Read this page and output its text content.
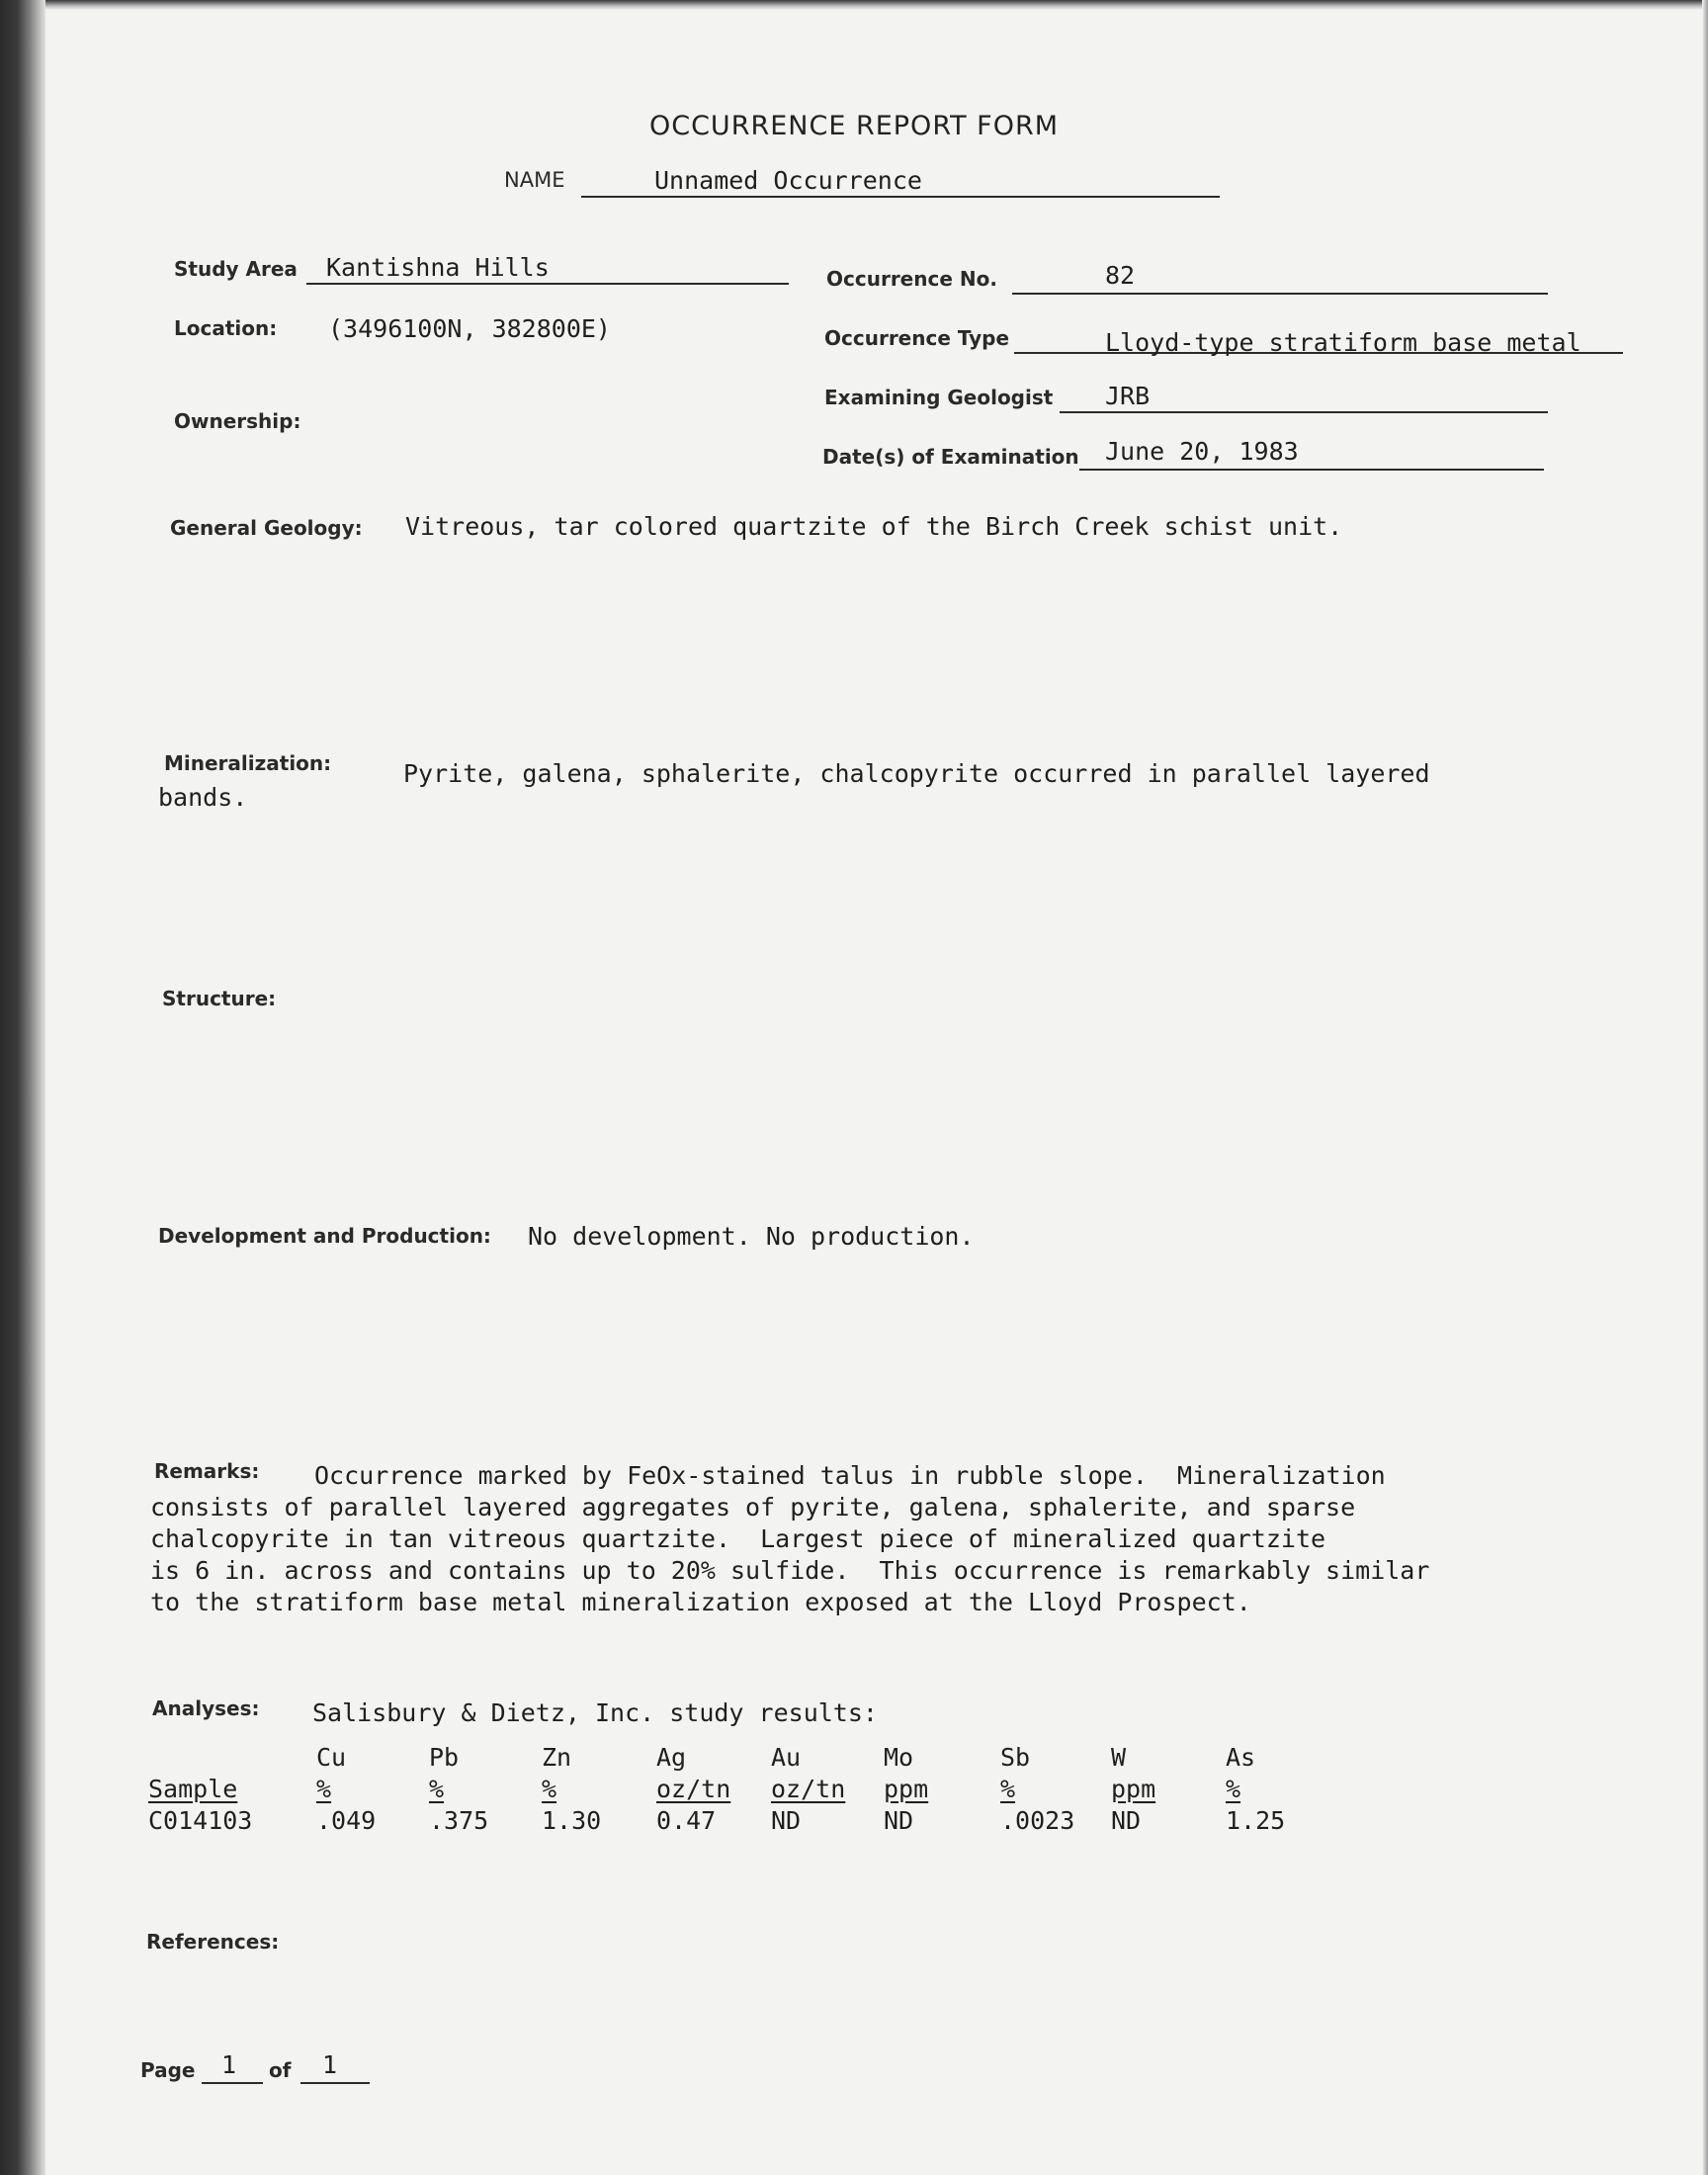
OCCURRENCE REPORT FORM
NAME	Unnamed Occurrence
Study Area Kantishna Hills	Occurrence No.	82
Location: (3496100N, 382800E)	Occurrence Type	Lloyd-type stratiform base metal
Examining Geologist JRB
Ownership:
Date(s) of Examination June 20, 1983
General Geology: Vitreous, tar colored quartzite of the Birch Creek schist unit.
Mineralization:	Pyrite, galena, sphalerite, chalcopyrite occurred in parallel layered
bands.
Structure:
Development and Production: No development. No production.
Remarks: Occurrence marked by FeOx-stained talus in rubble slope.  Mineralization
consists of parallel layered aggregates of pyrite, galena, sphalerite, and sparse
chalcopyrite in tan vitreous quartzite.  Largest piece of mineralized quartzite
is 6 in. across and contains up to 20% sulfide.  This occurrence is remarkably similar
to the stratiform base metal mineralization exposed at the Lloyd Prospect.
Analyses: Salisbury & Dietz, Inc. study results:
	Cu	Pb	Zn	Ag	Au	Mo	Sb	W	As
Sample	%	%	%	oz/tn	oz/tn	ppm	%	ppm	%
C014103	.049	.375	1.30	0.47	ND	ND	.0023	ND	1.25
References:
Page 1 of 1
